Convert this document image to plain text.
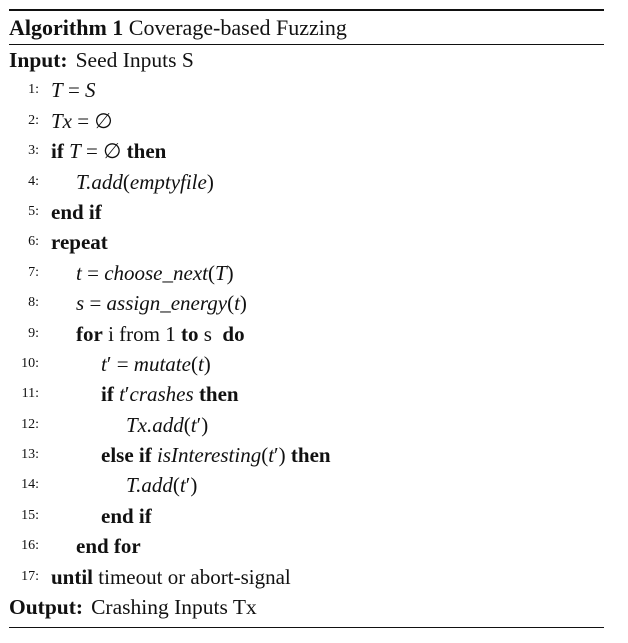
Algorithm 1 Coverage-based Fuzzing
Input: Seed Inputs S
1: T = S
2: Tx = ∅
3: if T = ∅ then
4: T.add(emptyfile)
5: end if
6: repeat
7: t = choose_next(T)
8: s = assign_energy(t)
9: for i from 1 to s  do
10:	t′ = mutate(t)
11:	if t′crashes then
12:	Tx.add(t′)
13:	else if isInteresting(t′) then
14:	T.add(t′)
15:	end if
16: end for
17: until timeout or abort-signal
Output: Crashing Inputs Tx
